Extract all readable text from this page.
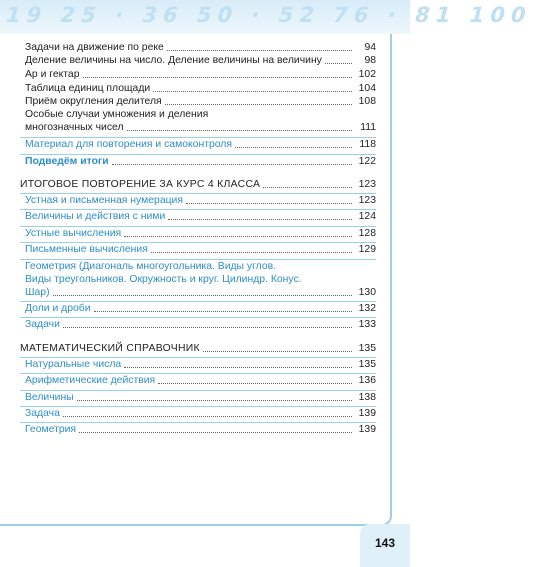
19 25 · 36 50 · 52 76 · 81 100
Задачи на движение по реке	94
Деление величины на число. Деление величины на величину	98
Ар и гектар	102
Таблица единиц площади	104
Приём округления делителя	108
Особые случаи умножения и деления
многозначных чисел	111
Материал для повторения и самоконтроля	118
Подведём итоги	122
ИТОГОВОЕ ПОВТОРЕНИЕ ЗА КУРС 4 КЛАССА	123
Устная и письменная нумерация	123
Величины и действия с ними	124
Устные вычисления	128
Письменные вычисления	129
Геометрия (Диагональ многоугольника. Виды углов.
Виды треугольников. Окружность и круг. Цилиндр. Конус.
Шар)	130
Доли и дроби	132
Задачи	133
МАТЕМАТИЧЕСКИЙ СПРАВОЧНИК	135
Натуральные числа	135
Арифметические действия	136
Величины	138
Задача	139
Геометрия	139
143
